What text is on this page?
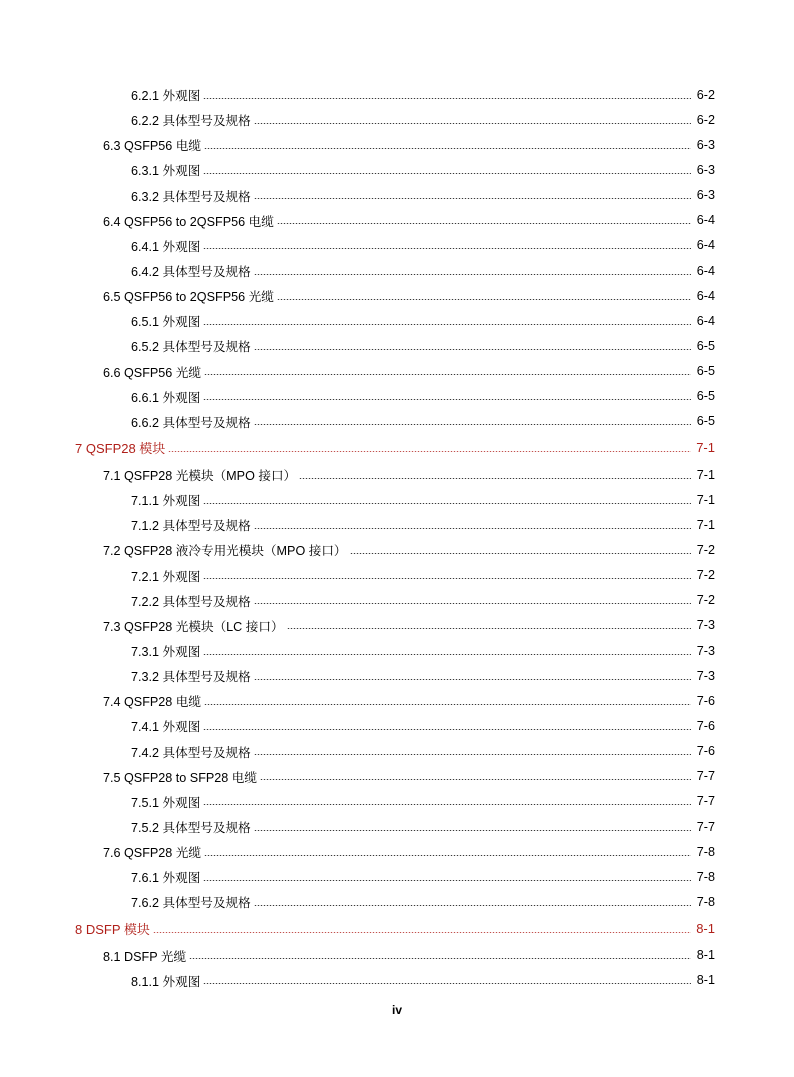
6.2.1 外观图	6-2
6.2.2 具体型号及规格	6-2
6.3 QSFP56 电缆	6-3
6.3.1 外观图	6-3
6.3.2 具体型号及规格	6-3
6.4 QSFP56 to 2QSFP56 电缆	6-4
6.4.1 外观图	6-4
6.4.2 具体型号及规格	6-4
6.5 QSFP56 to 2QSFP56 光缆	6-4
6.5.1 外观图	6-4
6.5.2 具体型号及规格	6-5
6.6 QSFP56 光缆	6-5
6.6.1 外观图	6-5
6.6.2 具体型号及规格	6-5
7 QSFP28 模块	7-1
7.1 QSFP28 光模块（MPO 接口）	7-1
7.1.1 外观图	7-1
7.1.2 具体型号及规格	7-1
7.2 QSFP28 液冷专用光模块（MPO 接口）	7-2
7.2.1 外观图	7-2
7.2.2 具体型号及规格	7-2
7.3 QSFP28 光模块（LC 接口）	7-3
7.3.1 外观图	7-3
7.3.2 具体型号及规格	7-3
7.4 QSFP28 电缆	7-6
7.4.1 外观图	7-6
7.4.2 具体型号及规格	7-6
7.5 QSFP28 to SFP28 电缆	7-7
7.5.1 外观图	7-7
7.5.2 具体型号及规格	7-7
7.6 QSFP28 光缆	7-8
7.6.1 外观图	7-8
7.6.2 具体型号及规格	7-8
8 DSFP 模块	8-1
8.1 DSFP 光缆	8-1
8.1.1 外观图	8-1
iv
